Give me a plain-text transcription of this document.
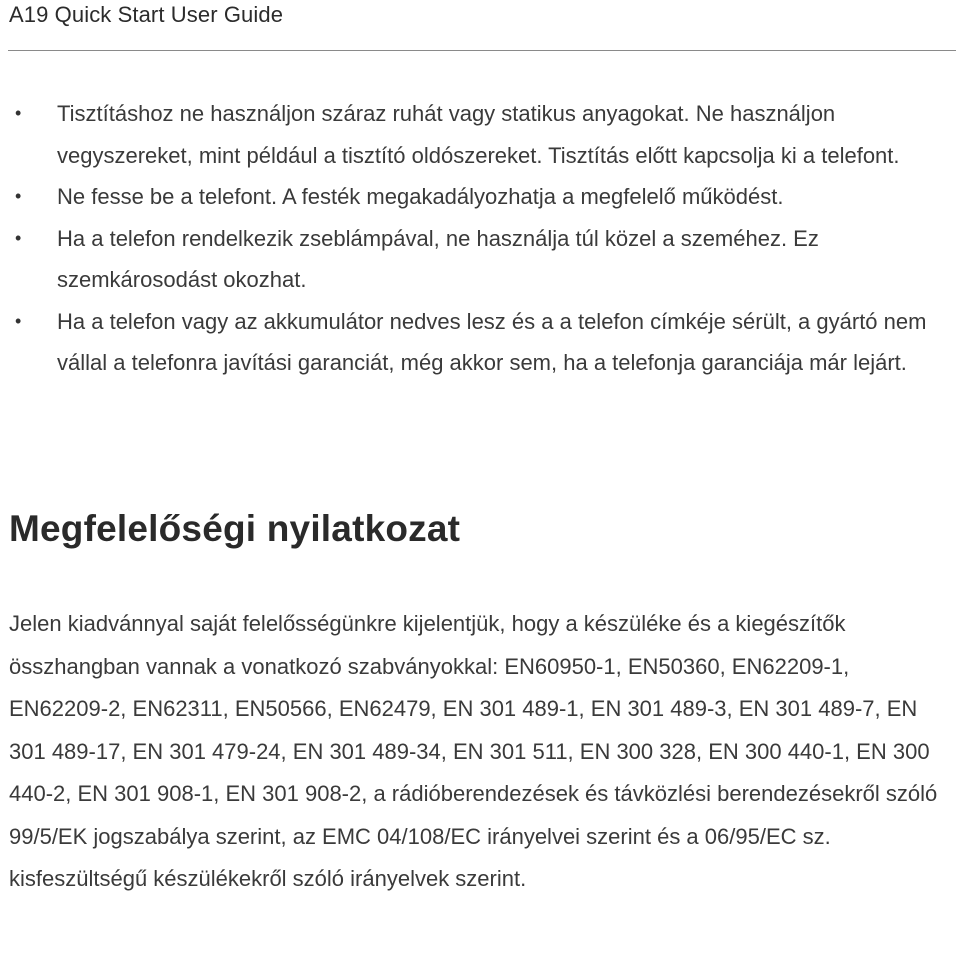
A19 Quick Start User Guide
• Tisztításhoz ne használjon száraz ruhát vagy statikus anyagokat. Ne használjon vegyszereket, mint például a tisztító oldószereket. Tisztítás előtt kapcsolja ki a telefont.
• Ne fesse be a telefont. A festék megakadályozhatja a megfelelő működést.
• Ha a telefon rendelkezik zseblámpával, ne használja túl közel a szeméhez. Ez szemkárosodást okozhat.
• Ha a telefon vagy az akkumulátor nedves lesz és a a telefon címkéje sérült, a gyártó nem vállal a telefonra javítási garanciát, még akkor sem, ha a telefonja garanciája már lejárt.
Megfelelőségi nyilatkozat

Jelen kiadvánnyal saját felelősségünkre kijelentjük, hogy a készüléke és a kiegészítők összhangban vannak a vonatkozó szabványokkal: EN60950-1, EN50360, EN62209-1, EN62209-2, EN62311, EN50566, EN62479, EN 301 489-1, EN 301 489-3, EN 301 489-7, EN 301 489-17, EN 301 479-24, EN 301 489-34, EN 301 511, EN 300 328, EN 300 440-1, EN 300 440-2, EN 301 908-1, EN 301 908-2, a rádióberendezések és távközlési berendezésekről szóló 99/5/EK jogszabálya szerint, az EMC 04/108/EC irányelvei szerint és a 06/95/EC sz. kisfeszültségű készülékekről szóló irányelvek szerint.
